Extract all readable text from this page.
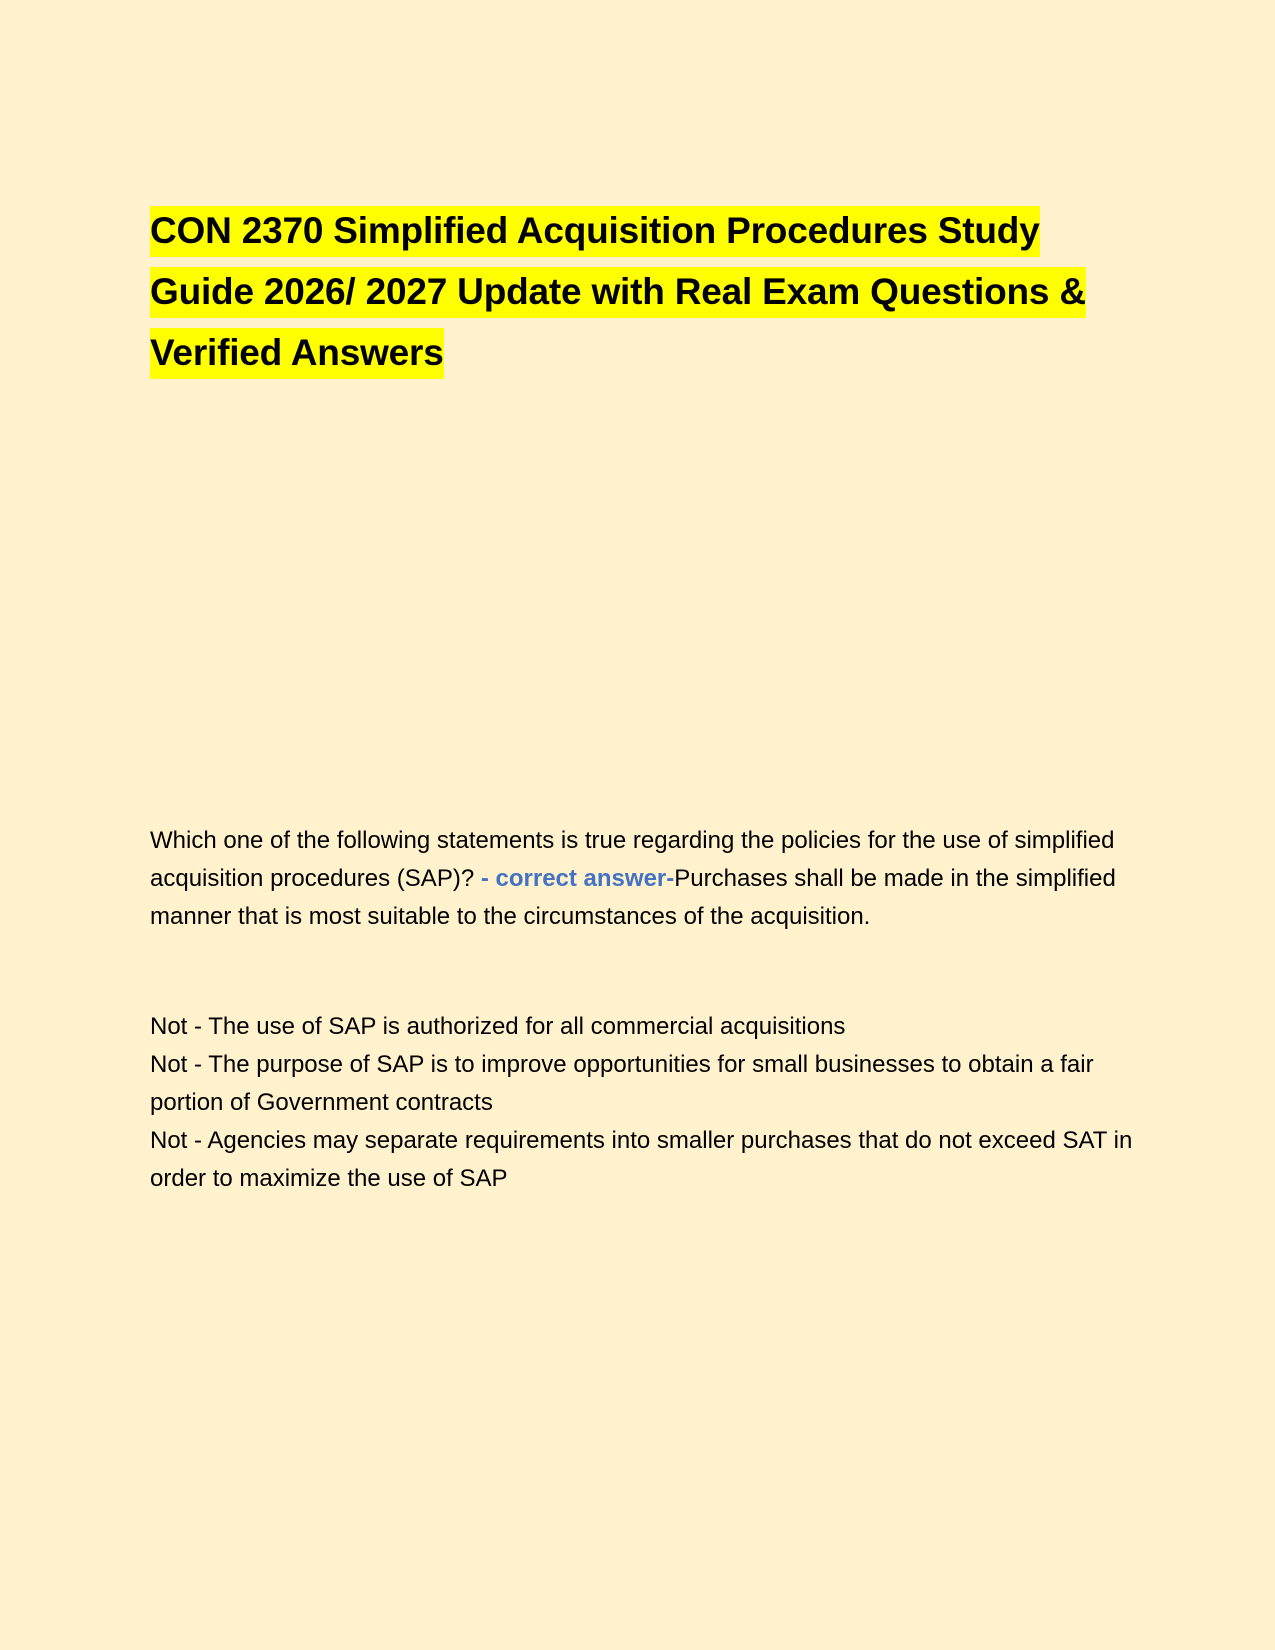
CON 2370 Simplified Acquisition Procedures Study Guide 2026/ 2027 Update with Real Exam Questions & Verified Answers

Which one of the following statements is true regarding the policies for the use of simplified acquisition procedures (SAP)? - correct answer-Purchases shall be made in the simplified manner that is most suitable to the circumstances of the acquisition.

Not - The use of SAP is authorized for all commercial acquisitions

Not - The purpose of SAP is to improve opportunities for small businesses to obtain a fair portion of Government contracts

Not - Agencies may separate requirements into smaller purchases that do not exceed SAT in order to maximize the use of SAP
